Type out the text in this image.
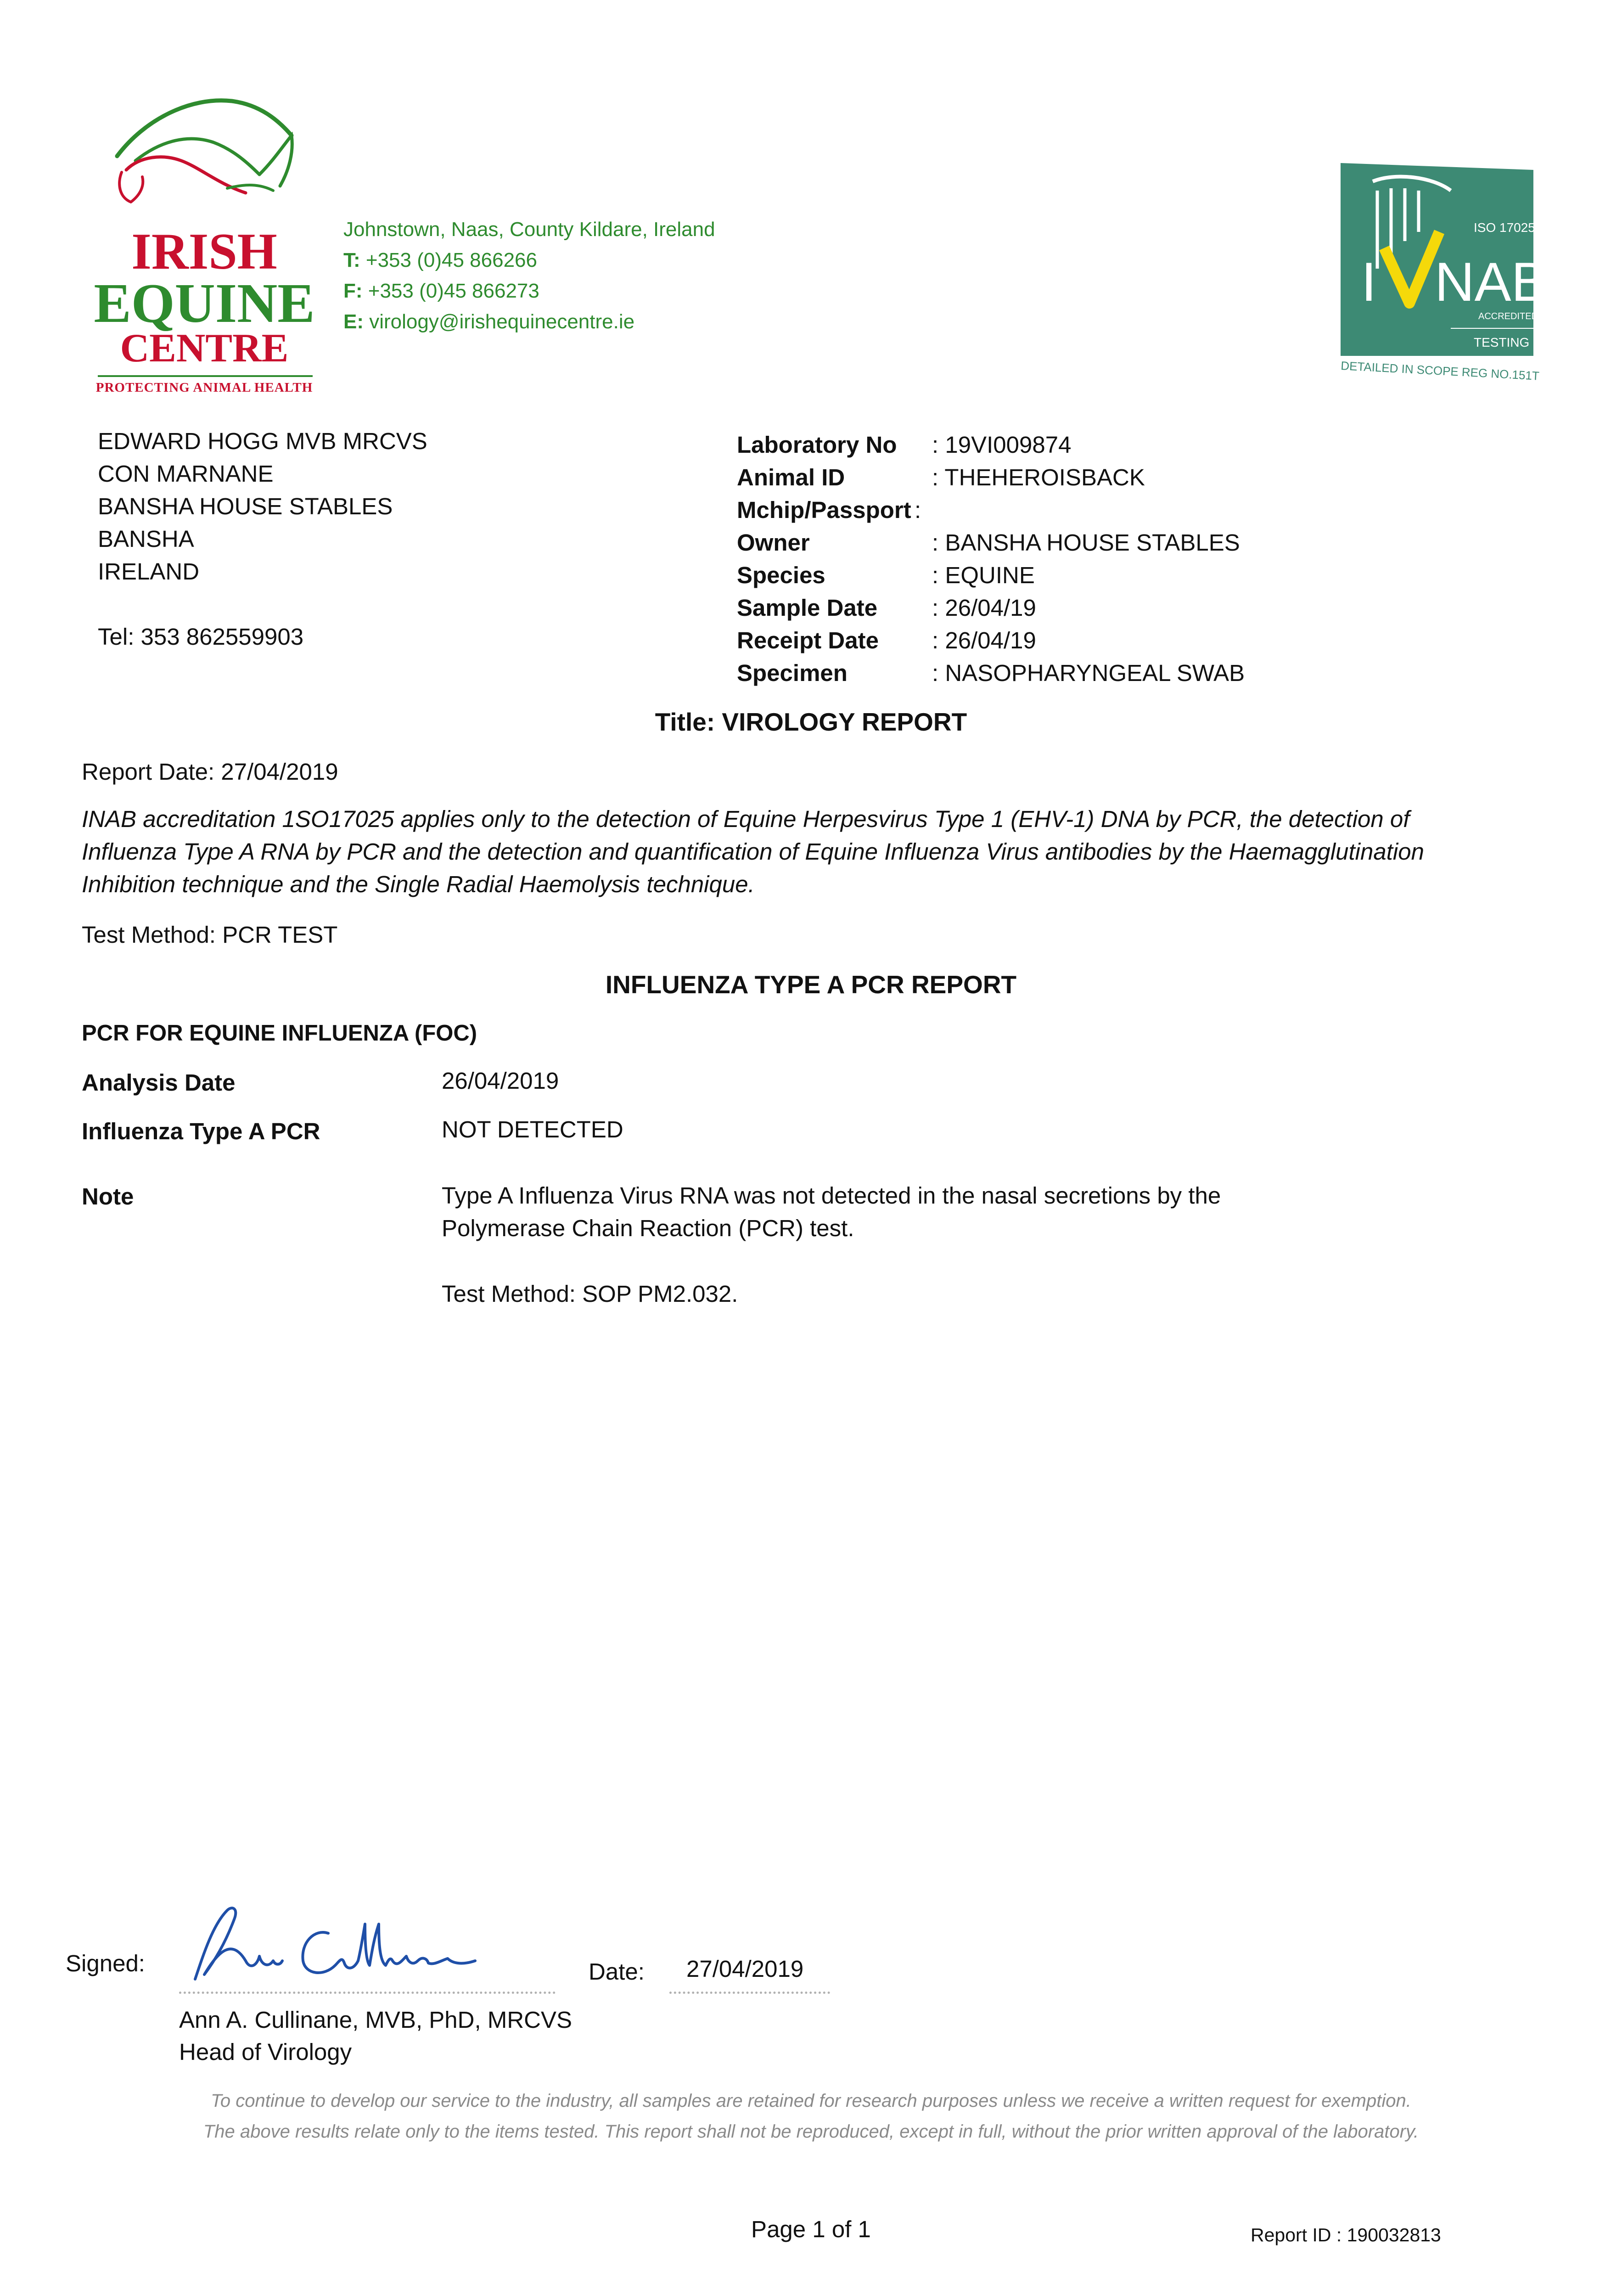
IRISH
EQUINE
CENTRE
PROTECTING ANIMAL HEALTH
Johnstown, Naas, County Kildare, Ireland
T: +353 (0)45 866266
F: +353 (0)45 866273
E: virology@irishequinecentre.ie
I NAB
ISO 17025
ACCREDITED
TESTING
DETAILED IN SCOPE REG NO.151T
EDWARD HOGG MVB MRCVS
CON MARNANE
BANSHA HOUSE STABLES
BANSHA
IRELAND
Tel: 353 862559903
Laboratory No : 19VI009874
Animal ID	: THEHEROISBACK
Mchip/Passport :
Owner	: BANSHA HOUSE STABLES
Species	: EQUINE
Sample Date : 26/04/19
Receipt Date : 26/04/19
Specimen	: NASOPHARYNGEAL SWAB
Title: VIROLOGY REPORT
Report Date: 27/04/2019
INAB accreditation 1SO17025 applies only to the detection of Equine Herpesvirus Type 1 (EHV-1) DNA by PCR, the detection of Influenza Type A RNA by PCR and the detection and quantification of Equine Influenza Virus antibodies by the Haemagglutination Inhibition technique and the Single Radial Haemolysis technique.
Test Method: PCR TEST
INFLUENZA TYPE A PCR REPORT
PCR FOR EQUINE INFLUENZA (FOC)
Analysis Date	26/04/2019
Influenza Type A PCR	NOT DETECTED
Note	Type A Influenza Virus RNA was not detected in the nasal secretions by the Polymerase Chain Reaction (PCR) test.
Test Method: SOP PM2.032.
Signed:	Date: 27/04/2019
Ann A. Cullinane, MVB, PhD, MRCVS
Head of Virology
To continue to develop our service to the industry, all samples are retained for research purposes unless we receive a written request for exemption.
The above results relate only to the items tested. This report shall not be reproduced, except in full, without the prior written approval of the laboratory.
Page 1 of 1	Report ID : 190032813
